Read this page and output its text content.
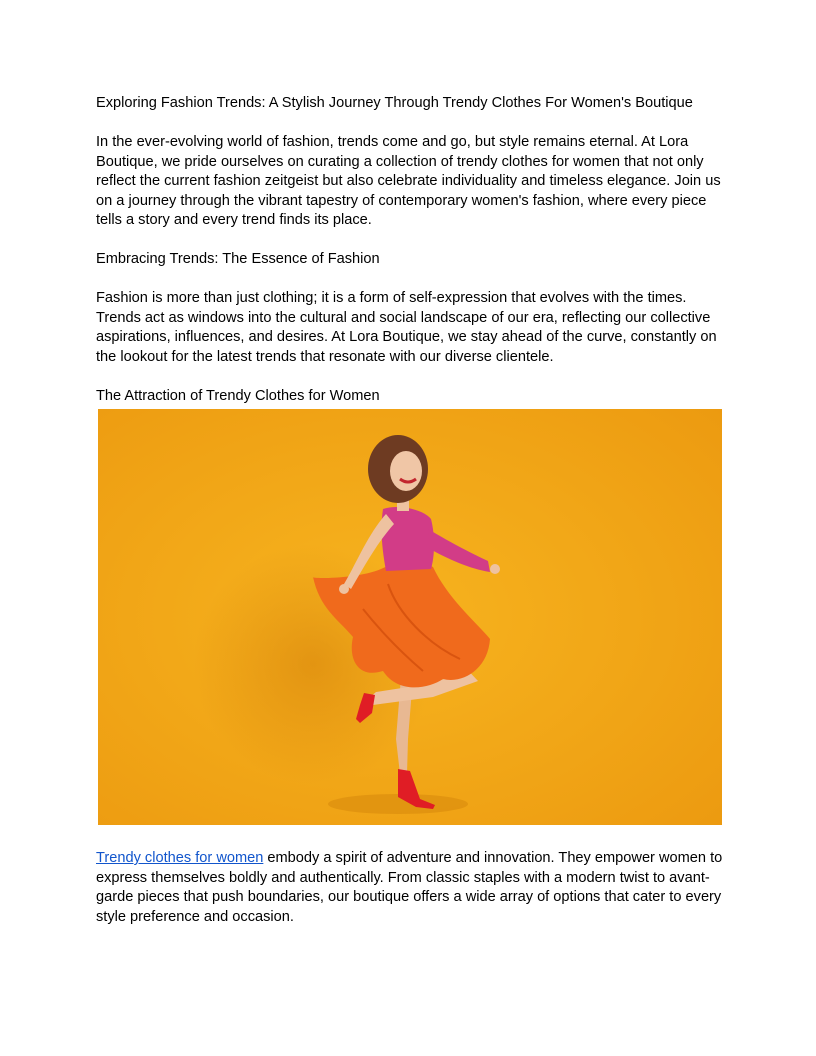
Exploring Fashion Trends: A Stylish Journey Through Trendy Clothes For Women's Boutique

In the ever-evolving world of fashion, trends come and go, but style remains eternal. At Lora Boutique, we pride ourselves on curating a collection of trendy clothes for women that not only reflect the current fashion zeitgeist but also celebrate individuality and timeless elegance. Join us on a journey through the vibrant tapestry of contemporary women's fashion, where every piece tells a story and every trend finds its place.

Embracing Trends: The Essence of Fashion

Fashion is more than just clothing; it is a form of self-expression that evolves with the times. Trends act as windows into the cultural and social landscape of our era, reflecting our collective aspirations, influences, and desires. At Lora Boutique, we stay ahead of the curve, constantly on the lookout for the latest trends that resonate with our diverse clientele.

The Attraction of Trendy Clothes for Women

Trendy clothes for women embody a spirit of adventure and innovation. They empower women to express themselves boldly and authentically. From classic staples with a modern twist to avant-garde pieces that push boundaries, our boutique offers a wide array of options that cater to every style preference and occasion.
